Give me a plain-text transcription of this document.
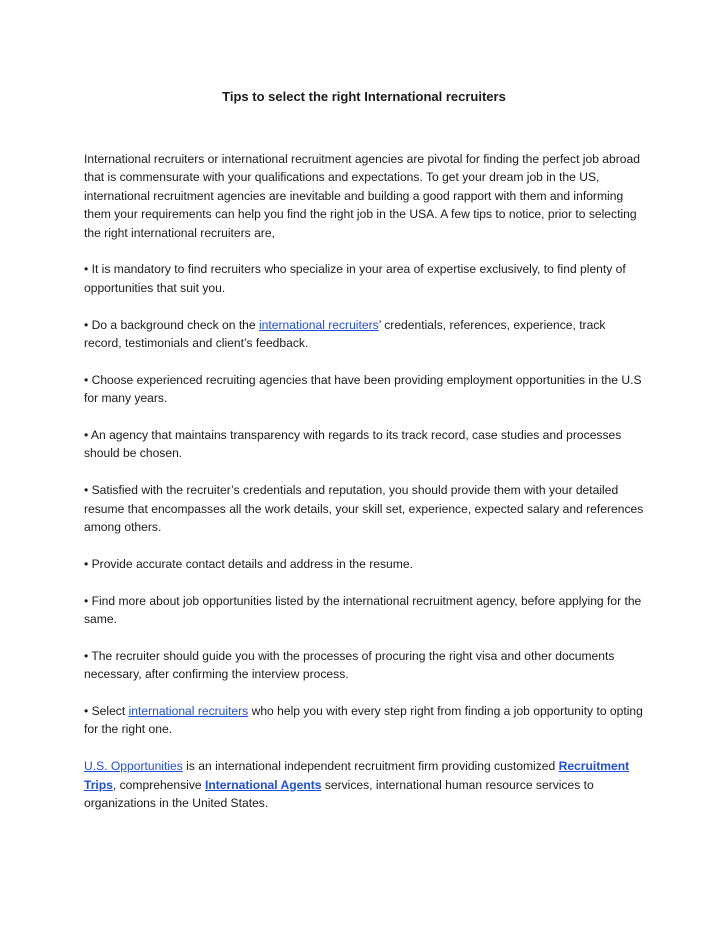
Tips to select the right International recruiters

International recruiters or international recruitment agencies are pivotal for finding the perfect job abroad that is commensurate with your qualifications and expectations. To get your dream job in the US, international recruitment agencies are inevitable and building a good rapport with them and informing them your requirements can help you find the right job in the USA. A few tips to notice, prior to selecting the right international recruiters are,

• It is mandatory to find recruiters who specialize in your area of expertise exclusively, to find plenty of opportunities that suit you.

• Do a background check on the international recruiters’ credentials, references, experience, track record, testimonials and client’s feedback.

• Choose experienced recruiting agencies that have been providing employment opportunities in the U.S for many years.

• An agency that maintains transparency with regards to its track record, case studies and processes should be chosen.

• Satisfied with the recruiter’s credentials and reputation, you should provide them with your detailed resume that encompasses all the work details, your skill set, experience, expected salary and references among others.

• Provide accurate contact details and address in the resume.

• Find more about job opportunities listed by the international recruitment agency, before applying for the same.

• The recruiter should guide you with the processes of procuring the right visa and other documents necessary, after confirming the interview process.

• Select international recruiters who help you with every step right from finding a job opportunity to opting for the right one.

U.S. Opportunities is an international independent recruitment firm providing customized Recruitment Trips, comprehensive International Agents services, international human resource services to organizations in the United States.
